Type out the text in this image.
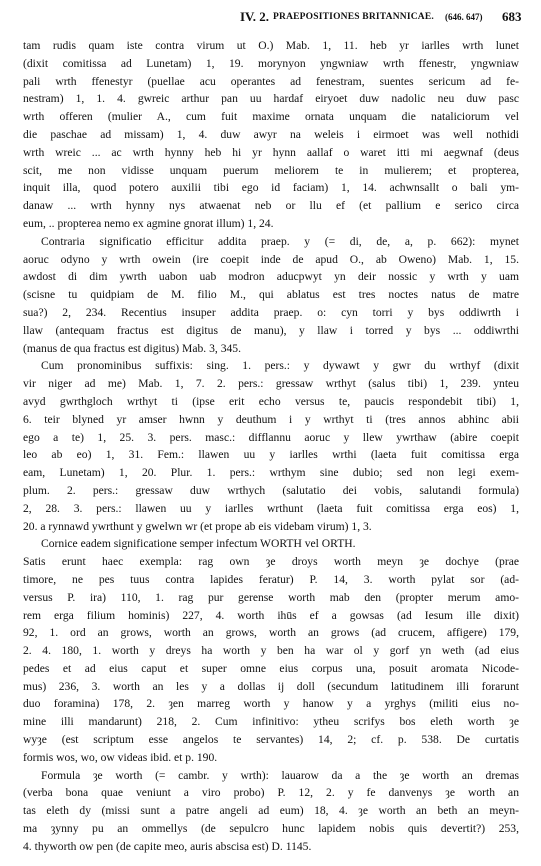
IV. 2. PRAEPOSITIONES BRITANNICAE. (646. 647) 683
tam rudis quam iste contra virum ut O.) Mab. 1, 11. heb yr iarlles wrth lunet
(dixit comitissa ad Lunetam) 1, 19. morynyon yngwniaw wrth ffenestr, yngwniaw
pali wrth ffenestyr (puellae acu operantes ad fenestram, suentes sericum ad fe-
nestram) 1, 1. 4. gwreic arthur pan uu hardaf eiryoet duw nadolic neu duw pasc
wrth offeren (mulier A., cum fuit maxime ornata unquam die nataliciorum vel
die paschae ad missam) 1, 4. duw awyr na weleis i eirmoet was well nothidi
wrth wreic ... ac wrth hynny heb hi yr hynn aallaf o waret itti mi aegwnaf (deus
scit, me non vidisse unquam puerum meliorem te in mulierem; et propterea,
inquit illa, quod potero auxilii tibi ego id faciam) 1, 14. achwnsallt o bali ym-
danaw ... wrth hynny nys atwaenat neb or llu ef (et pallium e serico circa
eum, .. propterea nemo ex agmine gnorat illum) 1, 24.
Contraria significatio efficitur addita praep. y (= di, de, a, p. 662): mynet
aoruc odyno y wrth owein (ire coepit inde de apud O., ab Oweno) Mab. 1, 15.
awdost di dim ywrth uabon uab modron aducpwyt yn deir nossic y wrth y uam
(scisne tu quidpiam de M. filio M., qui ablatus est tres noctes natus de matre
sua?) 2, 234. Recentius insuper addita praep. o: cyn torri y bys oddiwrth i
llaw (antequam fractus est digitus de manu), y llaw i torred y bys ... oddiwrthi
(manus de qua fractus est digitus) Mab. 3, 345.
Cum pronominibus suffixis: sing. 1. pers.: y dywawt y gwr du wrthyf (dixit
vir niger ad me) Mab. 1, 7. 2. pers.: gressaw wrthyt (salus tibi) 1, 239. ynteu
avyd gwrthgloch wrthyt ti (ipse erit echo versus te, paucis respondebit tibi) 1,
6. teir blyned yr amser hwnn y deuthum i y wrthyt ti (tres annos abhinc abii
ego a te) 1, 25. 3. pers. masc.: difflannu aoruc y llew ywrthaw (abire coepit
leo ab eo) 1, 31. Fem.: llawen uu y iarlles wrthi (laeta fuit comitissa erga
eam, Lunetam) 1, 20. Plur. 1. pers.: wrthym sine dubio; sed non legi exem-
plum. 2. pers.: gressaw duw wrthych (salutatio dei vobis, salutandi formula)
2, 28. 3. pers.: llawen uu y iarlles wrthunt (laeta fuit comitissa erga eos) 1,
20. a rynnawd ywrthunt y gwelwn wr (et prope ab eis videbam virum) 1, 3.
Cornice eadem significatione semper infectum WORTH vel ORTH.
Satis erunt haec exempla: rag own ȝe droys worth meyn ȝe dochye (prae
timore, ne pes tuus contra lapides feratur) P. 14, 3. worth pylat sor (ad-
versus P. ira) 110, 1. rag pur gerense worth mab den (propter merum amo-
rem erga filium hominis) 227, 4. worth ihūs ef a gowsas (ad Iesum ille dixit)
92, 1. ord an grows, worth an grows, worth an grows (ad crucem, affigere) 179,
2. 4. 180, 1. worth y dreys ha worth y ben ha war ol y gorf yn weth (ad eius
pedes et ad eius caput et super omne eius corpus una, posuit aromata Nicode-
mus) 236, 3. worth an les y a dollas ij doll (secundum latitudinem illi forarunt
duo foramina) 178, 2. ȝen marreg worth y hanow y a yrghys (militi eius no-
mine illi mandarunt) 218, 2. Cum infinitivo: ytheu scrifys bos eleth worth ȝe
wyȝe (est scriptum esse angelos te servantes) 14, 2; cf. p. 538. De curtatis
formis wos, wo, ow videas ibid. et p. 190.
Formula ȝe worth (= cambr. y wrth): lauarow da a the ȝe worth an dremas
(verba bona quae veniunt a viro probo) P. 12, 2. y fe danvenys ȝe worth an
tas eleth dy (missi sunt a patre angeli ad eum) 18, 4. ȝe worth an beth an meyn-
ma ȝynny pu an ommellys (de sepulcro hunc lapidem nobis quis devertit?) 253,
4. thyworth ow pen (de capite meo, auris abscisa est) D. 1145.
